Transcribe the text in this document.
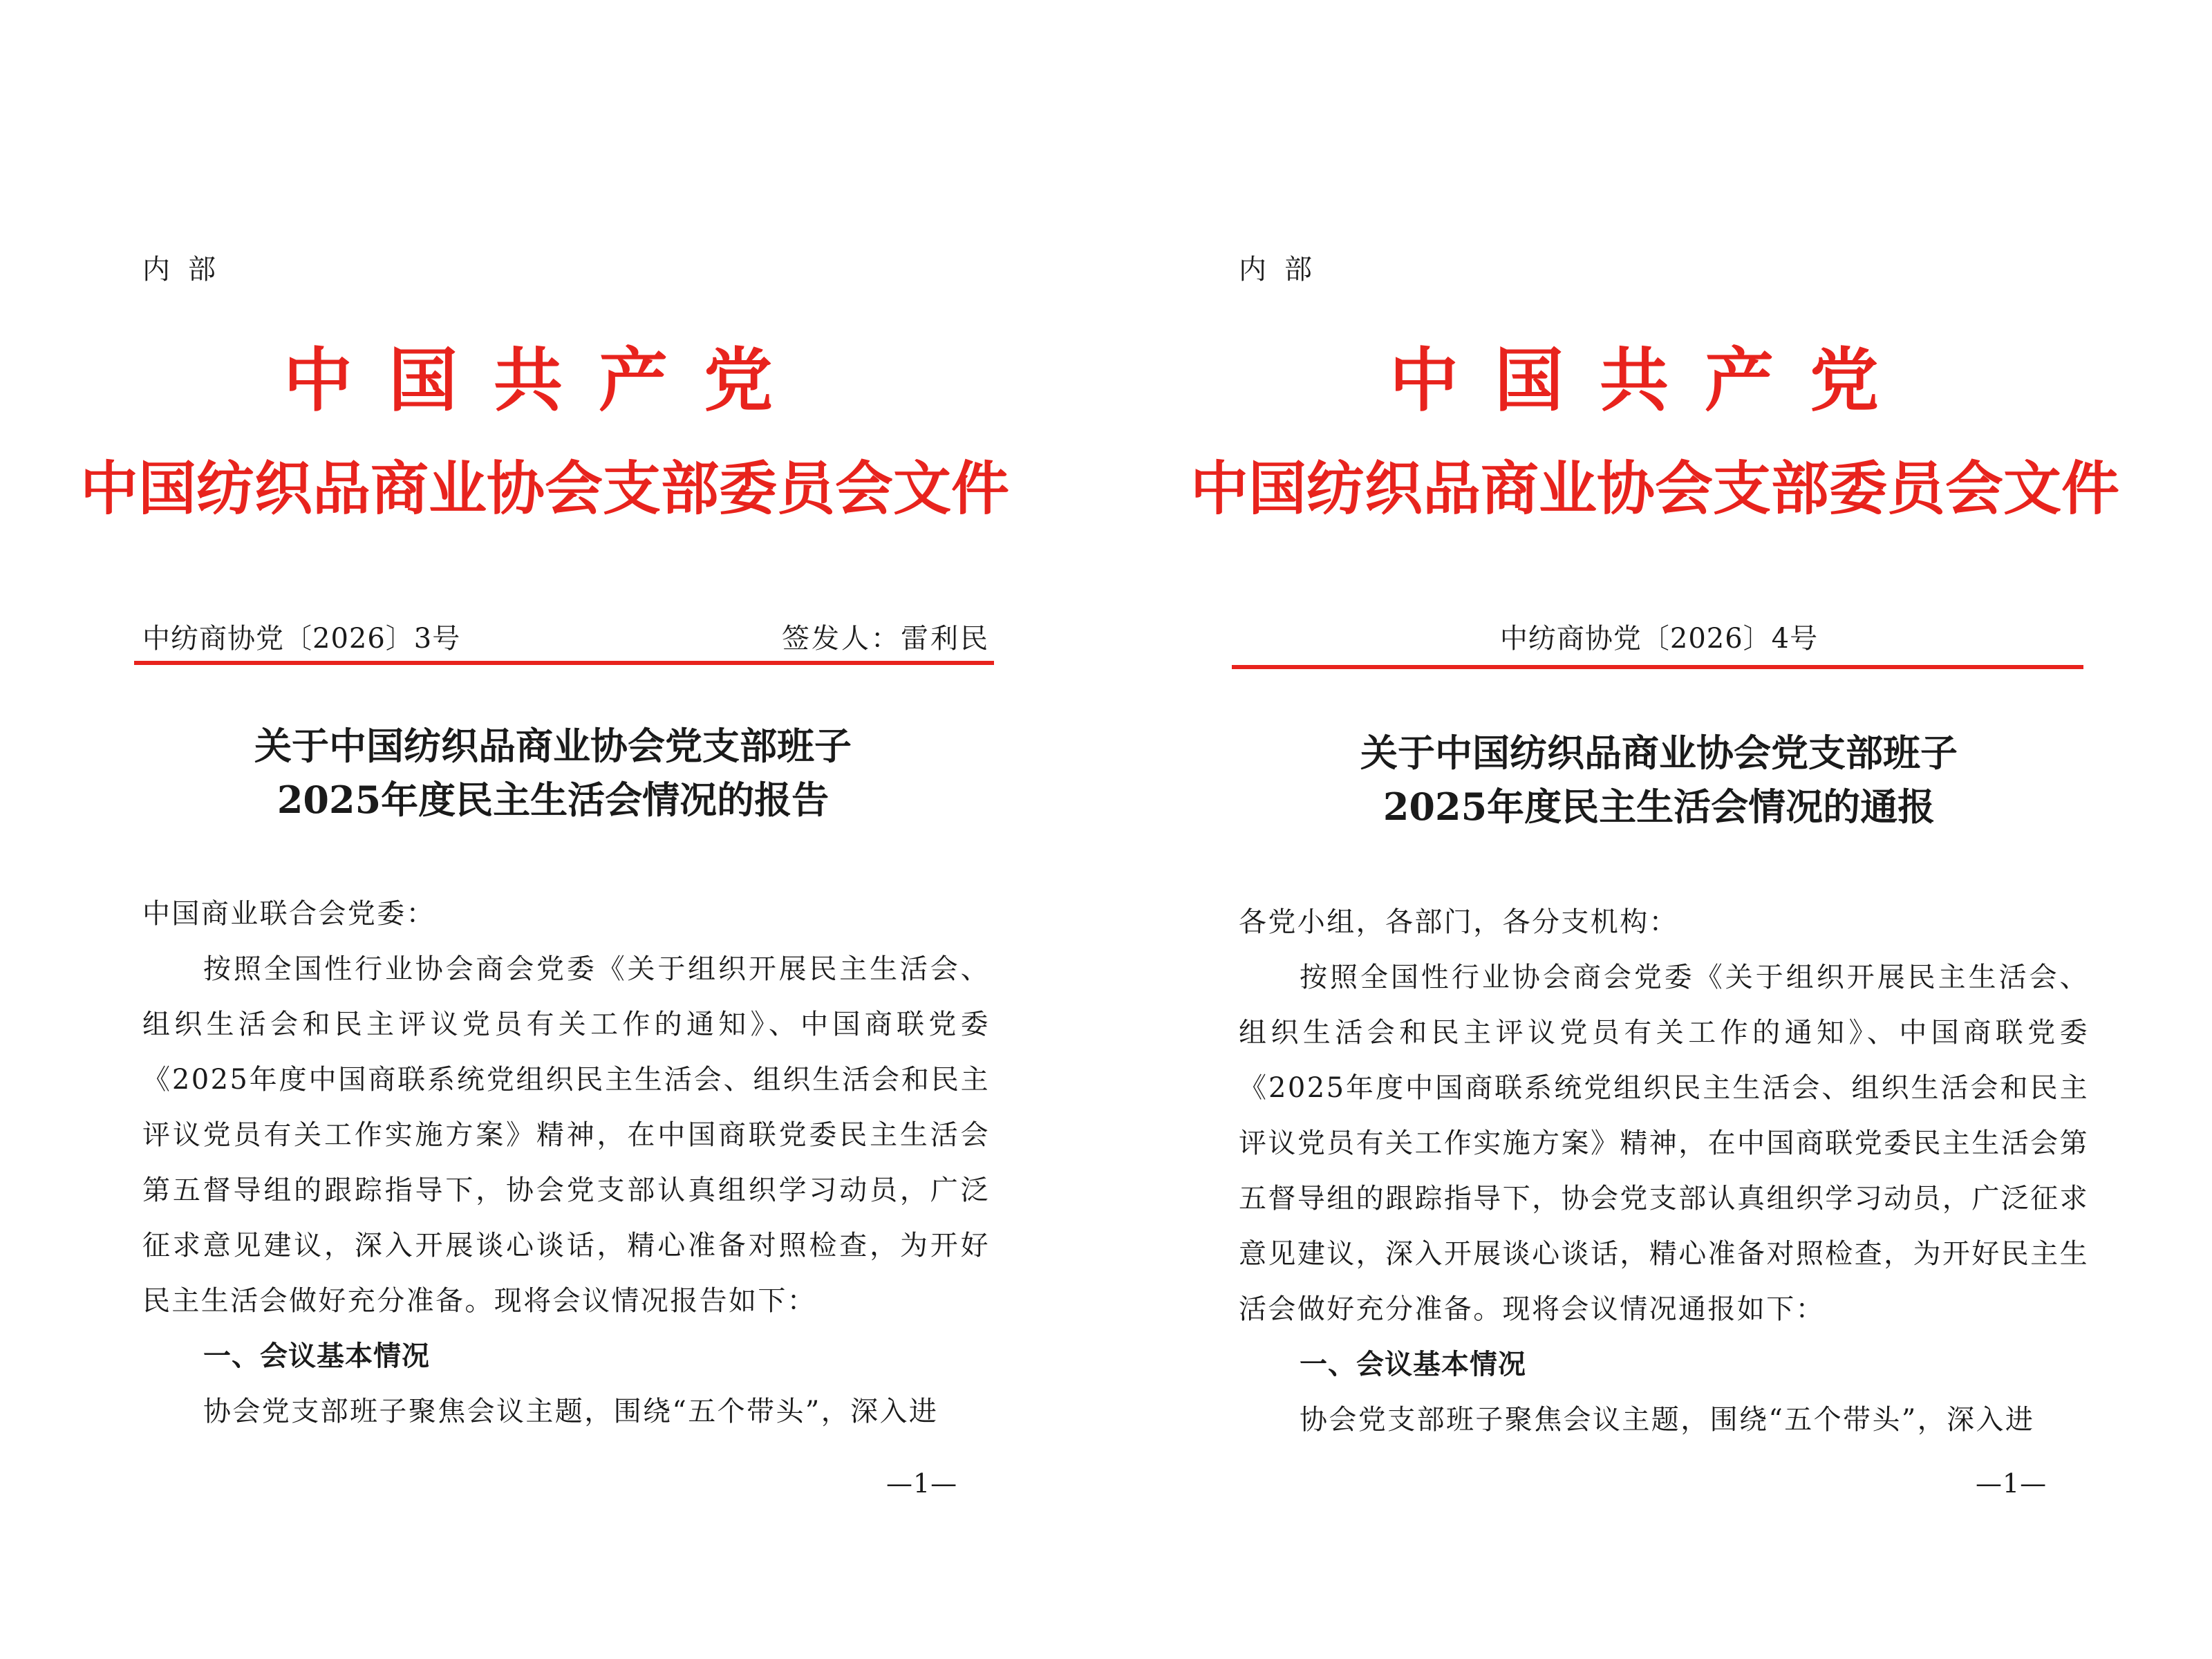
内部
中国共产党
中国纺织品商业协会支部委员会文件
中纺商协党〔2026〕3号	签发人：雷利民
关于中国纺织品商业协会党支部班子
2025年度民主生活会情况的报告

中国商业联合会党委：

按照全国性行业协会商会党委《关于组织开展民主生活会、组织生活会和民主评议党员有关工作的通知》、中国商联党委《2025年度中国商联系统党组织民主生活会、组织生活会和民主评议党员有关工作实施方案》精神，在中国商联党委民主生活会第五督导组的跟踪指导下，协会党支部认真组织学习动员，广泛征求意见建议，深入开展谈心谈话，精心准备对照检查，为开好民主生活会做好充分准备。现将会议情况报告如下：

一、会议基本情况

协会党支部班子聚焦会议主题，围绕“五个带头”，深入进

—1—
内部
中国共产党
中国纺织品商业协会支部委员会文件
中纺商协党〔2026〕4号
关于中国纺织品商业协会党支部班子
2025年度民主生活会情况的通报

各党小组，各部门，各分支机构：

按照全国性行业协会商会党委《关于组织开展民主生活会、组织生活会和民主评议党员有关工作的通知》、中国商联党委《2025年度中国商联系统党组织民主生活会、组织生活会和民主评议党员有关工作实施方案》精神，在中国商联党委民主生活会第五督导组的跟踪指导下，协会党支部认真组织学习动员，广泛征求意见建议，深入开展谈心谈话，精心准备对照检查，为开好民主生活会做好充分准备。现将会议情况通报如下：

一、会议基本情况

协会党支部班子聚焦会议主题，围绕“五个带头”，深入进

—1—
